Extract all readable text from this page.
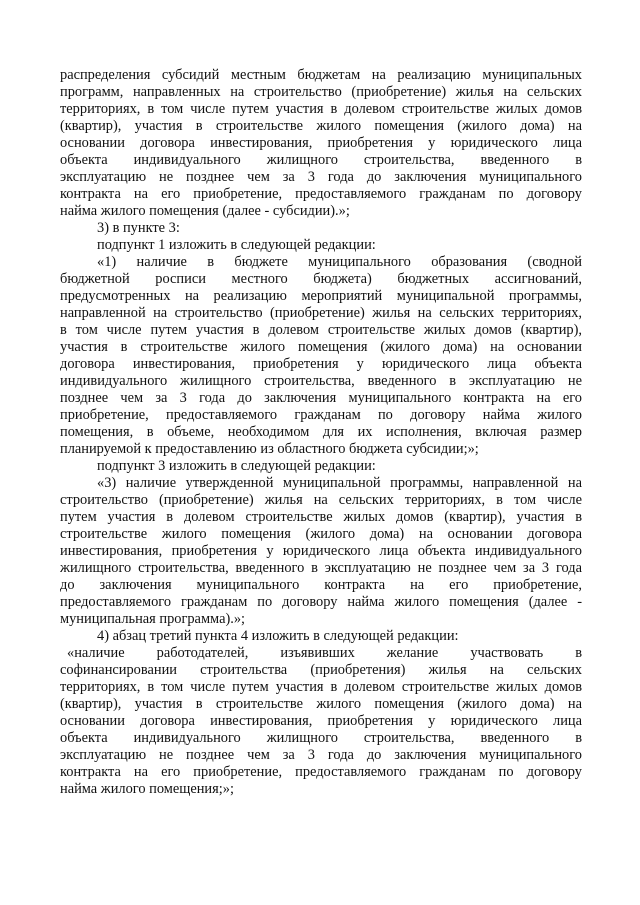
распределения субсидий местным бюджетам на реализацию муниципальных
программ, направленных на строительство (приобретение) жилья на сельских
территориях, в том числе путем участия в долевом строительстве жилых домов
(квартир), участия в строительстве жилого помещения (жилого дома) на
основании договора инвестирования, приобретения у юридического лица
объекта индивидуального жилищного строительства, введенного в
эксплуатацию не позднее чем за 3 года до заключения муниципального
контракта на его приобретение, предоставляемого гражданам по договору
найма жилого помещения (далее - субсидии).»;
3) в пункте 3:
подпункт 1 изложить в следующей редакции:
«1) наличие в бюджете муниципального образования (сводной
бюджетной росписи местного бюджета) бюджетных ассигнований,
предусмотренных на реализацию мероприятий муниципальной программы,
направленной на строительство (приобретение) жилья на сельских территориях,
в том числе путем участия в долевом строительстве жилых домов (квартир),
участия в строительстве жилого помещения (жилого дома) на основании
договора инвестирования, приобретения у юридического лица объекта
индивидуального жилищного строительства, введенного в эксплуатацию не
позднее чем за 3 года до заключения муниципального контракта на его
приобретение, предоставляемого гражданам по договору найма жилого
помещения, в объеме, необходимом для их исполнения, включая размер
планируемой к предоставлению из областного бюджета субсидии;»;
подпункт 3 изложить в следующей редакции:
«3) наличие утвержденной муниципальной программы, направленной на
строительство (приобретение) жилья на сельских территориях, в том числе
путем участия в долевом строительстве жилых домов (квартир), участия в
строительстве жилого помещения (жилого дома) на основании договора
инвестирования, приобретения у юридического лица объекта индивидуального
жилищного строительства, введенного в эксплуатацию не позднее чем за 3 года
до заключения муниципального контракта на его приобретение,
предоставляемого гражданам по договору найма жилого помещения (далее -
муниципальная программа).»;
4) абзац третий пункта 4 изложить в следующей редакции:
«наличие работодателей, изъявивших желание участвовать в
софинансировании строительства (приобретения) жилья на сельских
территориях, в том числе путем участия в долевом строительстве жилых домов
(квартир), участия в строительстве жилого помещения (жилого дома) на
основании договора инвестирования, приобретения у юридического лица
объекта индивидуального жилищного строительства, введенного в
эксплуатацию не позднее чем за 3 года до заключения муниципального
контракта на его приобретение, предоставляемого гражданам по договору
найма жилого помещения;»;
